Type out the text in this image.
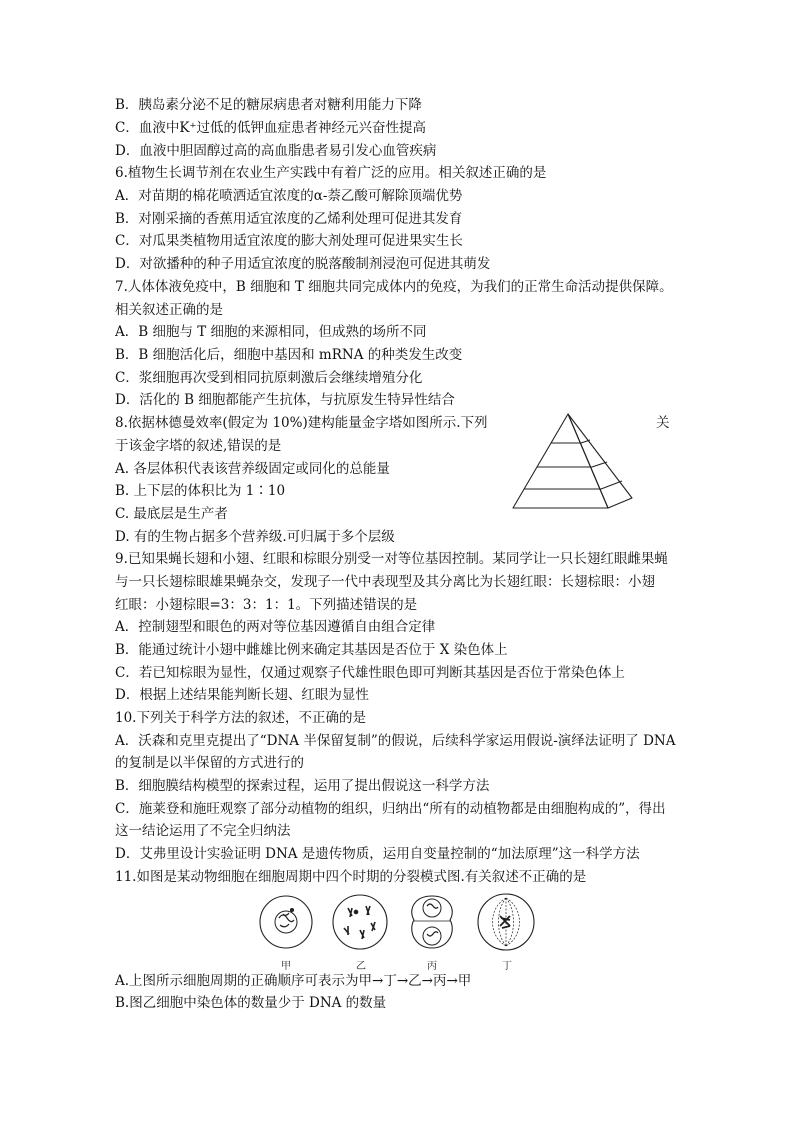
B．胰岛素分泌不足的糖尿病患者对糖利用能力下降
C．血液中K⁺过低的低钾血症患者神经元兴奋性提高
D．血液中胆固醇过高的高血脂患者易引发心血管疾病
6.植物生长调节剂在农业生产实践中有着广泛的应用。相关叙述正确的是
A．对苗期的棉花喷洒适宜浓度的α-萘乙酸可解除顶端优势
B．对刚采摘的香蕉用适宜浓度的乙烯利处理可促进其发育
C．对瓜果类植物用适宜浓度的膨大剂处理可促进果实生长
D．对欲播种的种子用适宜浓度的脱落酸制剂浸泡可促进其萌发
7.人体体液免疫中，B 细胞和 T 细胞共同完成体内的免疫，为我们的正常生命活动提供保障。
相关叙述正确的是
A．B 细胞与 T 细胞的来源相同，但成熟的场所不同
B．B 细胞活化后，细胞中基因和 mRNA 的种类发生改变
C．浆细胞再次受到相同抗原刺激后会继续增殖分化
D．活化的 B 细胞都能产生抗体，与抗原发生特异性结合
8.依据林德曼效率(假定为 10%)建构能量金字塔如图所示.下列	关
于该金字塔的叙述,错误的是
A. 各层体积代表该营养级固定或同化的总能量
B. 上下层的体积比为 1∶10
C. 最底层是生产者
D. 有的生物占据多个营养级.可归属于多个层级
9.已知果蝇长翅和小翅、红眼和棕眼分别受一对等位基因控制。某同学让一只长翅红眼雌果蝇
与一只长翅棕眼雄果蝇杂交，发现子一代中表现型及其分离比为长翅红眼：长翅棕眼：小翅
红眼：小翅棕眼=3：3：1：1。下列描述错误的是
A．控制翅型和眼色的两对等位基因遵循自由组合定律
B．能通过统计小翅中雌雄比例来确定其基因是否位于 X 染色体上
C．若已知棕眼为显性，仅通过观察子代雄性眼色即可判断其基因是否位于常染色体上
D．根据上述结果能判断长翅、红眼为显性
10.下列关于科学方法的叙述，不正确的是
A．沃森和克里克提出了“DNA 半保留复制”的假说，后续科学家运用假说-演绎法证明了 DNA
的复制是以半保留的方式进行的
B．细胞膜结构模型的探索过程，运用了提出假说这一科学方法
C．施莱登和施旺观察了部分动植物的组织，归纳出“所有的动植物都是由细胞构成的”，得出
这一结论运用了不完全归纳法
D．艾弗里设计实验证明 DNA 是遗传物质，运用自变量控制的“加法原理”这一科学方法
11.如图是某动物细胞在细胞周期中四个时期的分裂模式图.有关叙述不正确的是
A.上图所示细胞周期的正确顺序可表示为甲→丁→乙→丙→甲
B.图乙细胞中染色体的数量少于 DNA 的数量
甲	乙	丙	丁
